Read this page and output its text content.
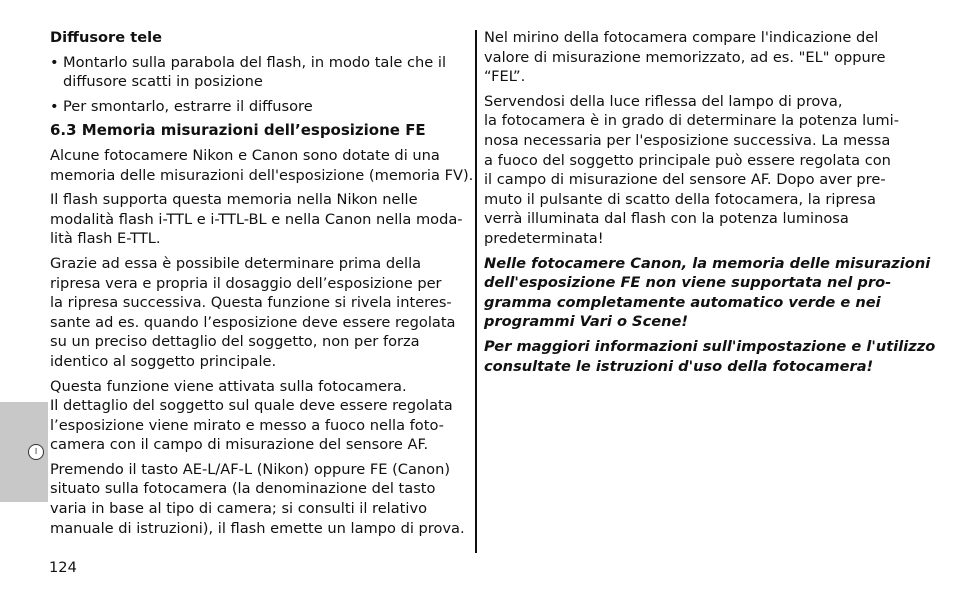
Diffusore tele

• Montarlo sulla parabola del flash, in modo tale che il
diffusore scatti in posizione
• Per smontarlo, estrarre il diffusore

6.3 Memoria misurazioni dell’esposizione FE

Alcune fotocamere Nikon e Canon sono dotate di una
memoria delle misurazioni dell'esposizione (memoria FV).

Il flash supporta questa memoria nella Nikon nelle
modalità flash i-TTL e i-TTL-BL e nella Canon nella moda-
lità flash E-TTL.

Grazie ad essa è possibile determinare prima della
ripresa vera e propria il dosaggio dell’esposizione per
la ripresa successiva. Questa funzione si rivela interes-
sante ad es. quando l’esposizione deve essere regolata
su un preciso dettaglio del soggetto, non per forza
identico al soggetto principale.

Questa funzione viene attivata sulla fotocamera.
Il dettaglio del soggetto sul quale deve essere regolata
l’esposizione viene mirato e messo a fuoco nella foto-
camera con il campo di misurazione del sensore AF.

Premendo il tasto AE-L/AF-L (Nikon) oppure FE (Canon)
situato sulla fotocamera (la denominazione del tasto
varia in base al tipo di camera; si consulti il relativo
manuale di istruzioni), il flash emette un lampo di prova.

Nel mirino della fotocamera compare l'indicazione del
valore di misurazione memorizzato, ad es. "EL" oppure
“FEL”.

Servendosi della luce riflessa del lampo di prova,
la fotocamera è in grado di determinare la potenza lumi-
nosa necessaria per l'esposizione successiva. La messa
a fuoco del soggetto principale può essere regolata con
il campo di misurazione del sensore AF. Dopo aver pre-
muto il pulsante di scatto della fotocamera, la ripresa
verrà illuminata dal flash con la potenza luminosa
predeterminata!

Nelle fotocamere Canon, la memoria delle misurazioni
dell'esposizione FE non viene supportata nel pro-
gramma completamente automatico verde e nei
programmi Vari o Scene!

Per maggiori informazioni sull'impostazione e l'utilizzo
consultate le istruzioni d'uso della fotocamera!

I
124
